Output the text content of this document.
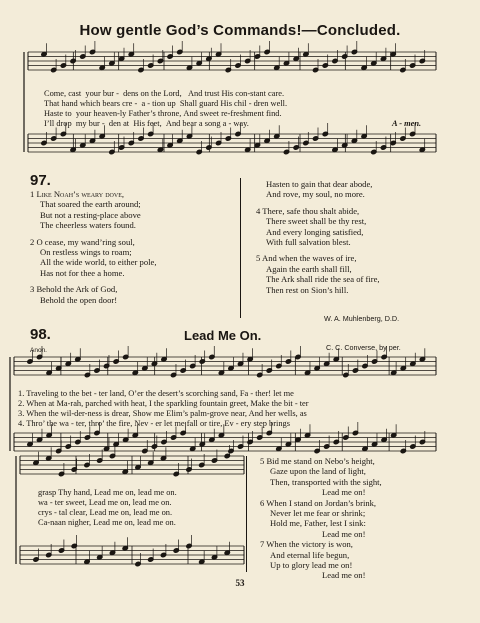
How gentle God’s Commands!—Concluded.
Come, cast your bur - dens on the Lord, And trust His con-stant care.
That hand which bears cre - a - tion up Shall guard His chil - dren well.
Haste to your heaven-ly Father’s throne, And sweet re-freshment find.
I’ll drop my bur - den at His feet, And bear a song a - way.	A - men.
97.
1 Like Noah’s weary dove,
That soared the earth around;
But not a resting-place above
The cheerless waters found.
2 O cease, my wand’ring soul,
On restless wings to roam;
All the wide world, to either pole,
Has not for thee a home.
3 Behold the Ark of God,
Behold the open door!
Hasten to gain that dear abode,
And rove, my soul, no more.
4 There, safe thou shalt abide,
There sweet shall be thy rest,
And every longing satisfied,
With full salvation blest.
5 And when the waves of ire,
Again the earth shall fill,
The Ark shall ride the sea of fire,
Then rest on Sion’s hill.
W. A. Muhlenberg, D.D.
98.	Lead Me On.
Anon.	C. C. Converse, by per.
1. Traveling to the bet - ter land, O’er the desert’s scorching sand, Fa - ther! let me
2. When at Ma-rah, parched with heat, I the sparkling fountain greet, Make the bit - ter
3. When the wil-der-ness is drear, Show me Elim’s palm-grove near, And her wells, as
4. Thro’ the wa - ter, thro’ the fire, Nev - er let me fall or tire, Ev - ery step brings
grasp Thy hand, Lead me on, lead me on.
wa - ter sweet, Lead me on, lead me on.
crys - tal clear, Lead me on, lead me on.
Ca-naan nigher, Lead me on, lead me on.
5 Bid me stand on Nebo’s height,
Gaze upon the land of light,
Then, transported with the sight,
Lead me on!
6 When I stand on Jordan’s brink,
Never let me fear or shrink;
Hold me, Father, lest I sink:
Lead me on!
7 When the victory is won,
And eternal life begun,
Up to glory lead me on!
Lead me on!
53
